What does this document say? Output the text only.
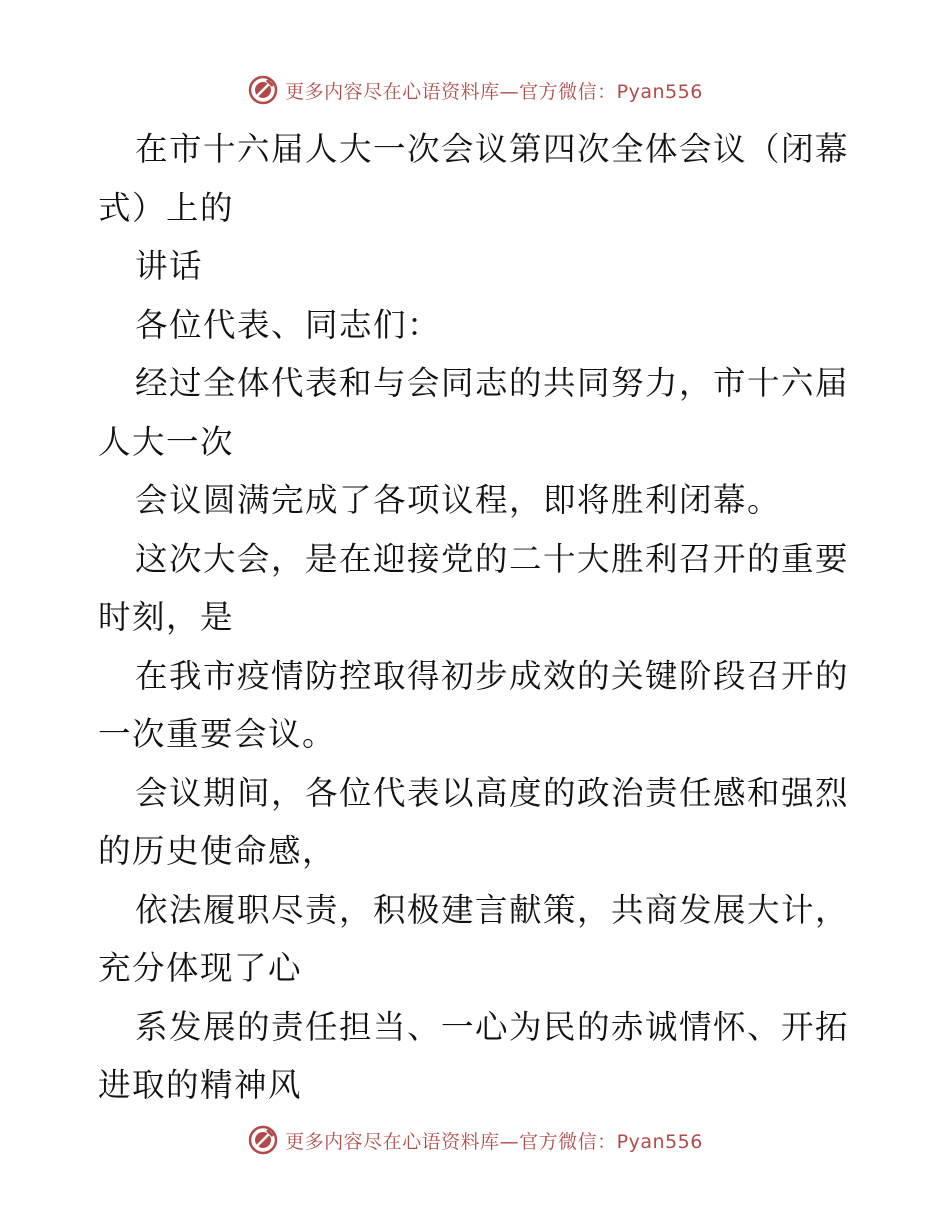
更多内容尽在心语资料库—官方微信：Pyan556
在市十六届人大一次会议第四次全体会议（闭幕
式）上的
讲话
各位代表、同志们：
经过全体代表和与会同志的共同努力，市十六届
人大一次
会议圆满完成了各项议程，即将胜利闭幕。
这次大会，是在迎接党的二十大胜利召开的重要
时刻，是
在我市疫情防控取得初步成效的关键阶段召开的
一次重要会议。
会议期间，各位代表以高度的政治责任感和强烈
的历史使命感，
依法履职尽责，积极建言献策，共商发展大计，
充分体现了心
系发展的责任担当、一心为民的赤诚情怀、开拓
进取的精神风
更多内容尽在心语资料库—官方微信：Pyan556
